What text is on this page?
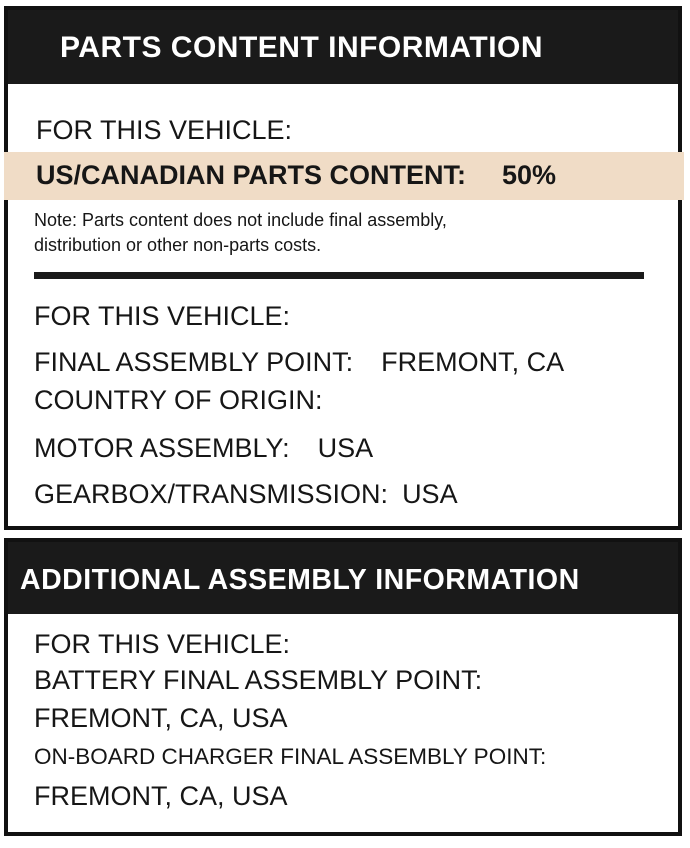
PARTS CONTENT INFORMATION
FOR THIS VEHICLE:
US/CANADIAN PARTS CONTENT: 50%
Note: Parts content does not include final assembly,
distribution or other non-parts costs.
FOR THIS VEHICLE:
FINAL ASSEMBLY POINT: FREMONT, CA
COUNTRY OF ORIGIN:
MOTOR ASSEMBLY: USA
GEARBOX/TRANSMISSION: USA
ADDITIONAL ASSEMBLY INFORMATION
FOR THIS VEHICLE:
BATTERY FINAL ASSEMBLY POINT:
FREMONT, CA, USA
ON-BOARD CHARGER FINAL ASSEMBLY POINT:
FREMONT, CA, USA
